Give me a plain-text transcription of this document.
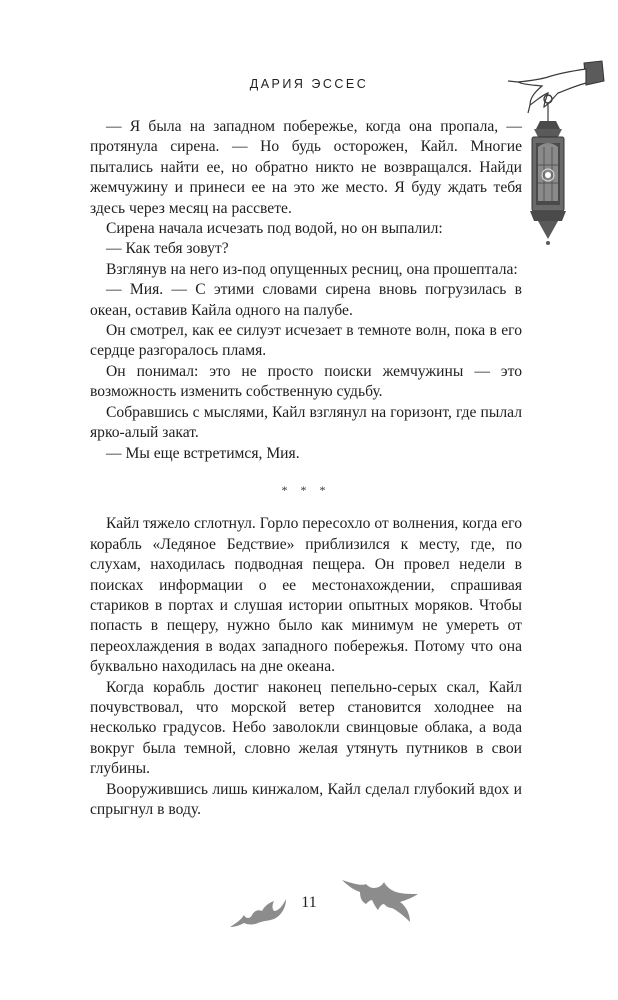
ДАРИЯ ЭССЕС

— Я была на западном побережье, когда она пропала, — протянула сирена. — Но будь осторожен, Кайл. Многие пытались найти ее, но обратно никто не возвращался. Найди жемчужину и принеси ее на это же место. Я буду ждать тебя здесь через месяц на рассвете.

Сирена начала исчезать под водой, но он выпалил:

— Как тебя зовут?

Взглянув на него из-под опущенных ресниц, она прошептала:

— Мия. — С этими словами сирена вновь погрузилась в океан, оставив Кайла одного на палубе.

Он смотрел, как ее силуэт исчезает в темноте волн, пока в его сердце разгоралось пламя.

Он понимал: это не просто поиски жемчужины — это возможность изменить собственную судьбу.

Собравшись с мыслями, Кайл взглянул на горизонт, где пылал ярко-алый закат.

— Мы еще встретимся, Мия.

* * *

Кайл тяжело сглотнул. Горло пересохло от волнения, когда его корабль «Ледяное Бедствие» приблизился к месту, где, по слухам, находилась подводная пещера. Он провел недели в поисках информации о ее местонахождении, спрашивая стариков в портах и слушая истории опытных моряков. Чтобы попасть в пещеру, нужно было как минимум не умереть от переохлаждения в водах западного побережья. Потому что она буквально находилась на дне океана.

Когда корабль достиг наконец пепельно-серых скал, Кайл почувствовал, что морской ветер становится холоднее на несколько градусов. Небо заволокли свинцовые облака, а вода вокруг была темной, словно желая утянуть путников в свои глубины.

Вооружившись лишь кинжалом, Кайл сделал глубокий вдох и спрыгнул в воду.

11
